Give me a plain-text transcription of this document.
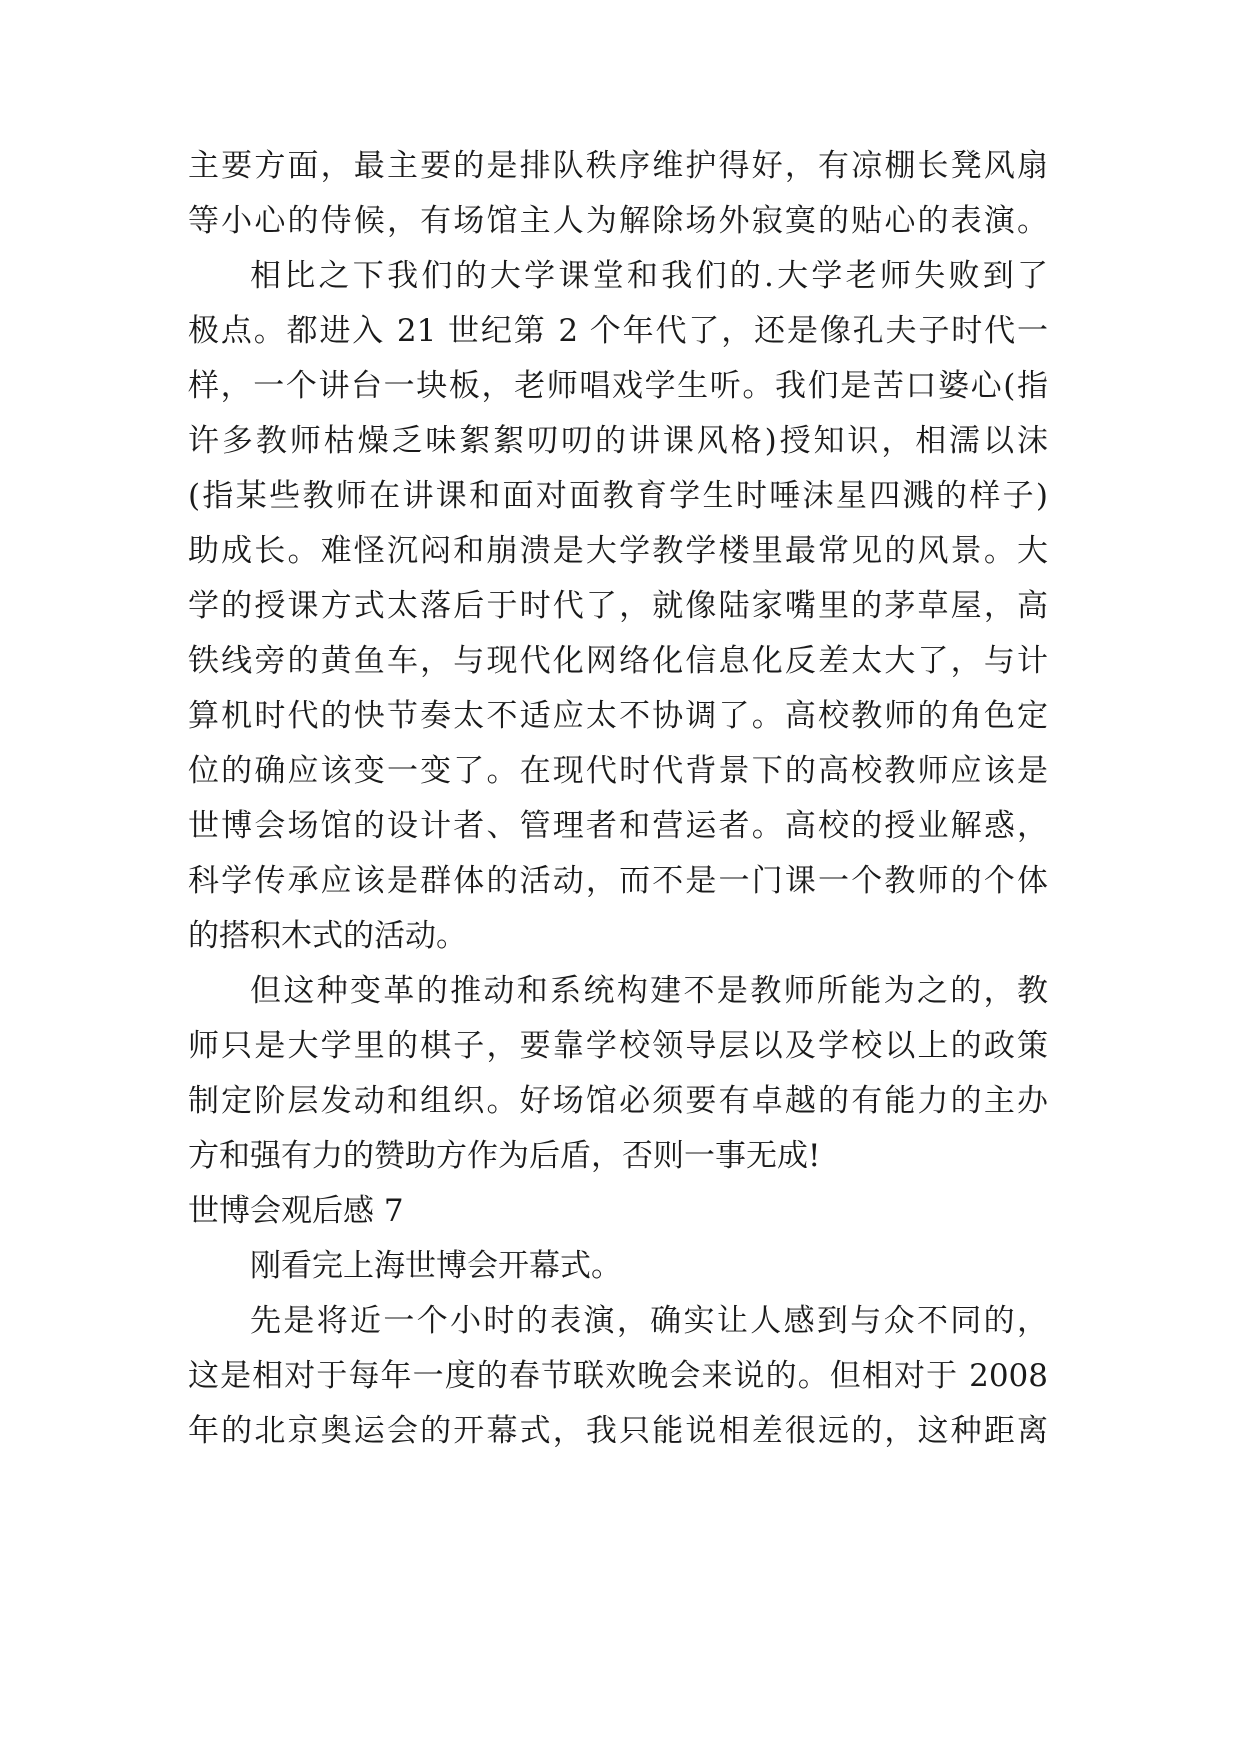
主要方面，最主要的是排队秩序维护得好，有凉棚长凳风扇
等小心的侍候，有场馆主人为解除场外寂寞的贴心的表演。
相比之下我们的大学课堂和我们的.大学老师失败到了
极点。都进入 21 世纪第 2 个年代了，还是像孔夫子时代一
样，一个讲台一块板，老师唱戏学生听。我们是苦口婆心(指
许多教师枯燥乏味絮絮叨叨的讲课风格)授知识，相濡以沫
(指某些教师在讲课和面对面教育学生时唾沫星四溅的样子)
助成长。难怪沉闷和崩溃是大学教学楼里最常见的风景。大
学的授课方式太落后于时代了，就像陆家嘴里的茅草屋，高
铁线旁的黄鱼车，与现代化网络化信息化反差太大了，与计
算机时代的快节奏太不适应太不协调了。高校教师的角色定
位的确应该变一变了。在现代时代背景下的高校教师应该是
世博会场馆的设计者、管理者和营运者。高校的授业解惑，
科学传承应该是群体的活动，而不是一门课一个教师的个体
的搭积木式的活动。
但这种变革的推动和系统构建不是教师所能为之的，教
师只是大学里的棋子，要靠学校领导层以及学校以上的政策
制定阶层发动和组织。好场馆必须要有卓越的有能力的主办
方和强有力的赞助方作为后盾，否则一事无成!
世博会观后感 7
刚看完上海世博会开幕式。
先是将近一个小时的表演，确实让人感到与众不同的，
这是相对于每年一度的春节联欢晚会来说的。但相对于 2008
年的北京奥运会的开幕式，我只能说相差很远的，这种距离
